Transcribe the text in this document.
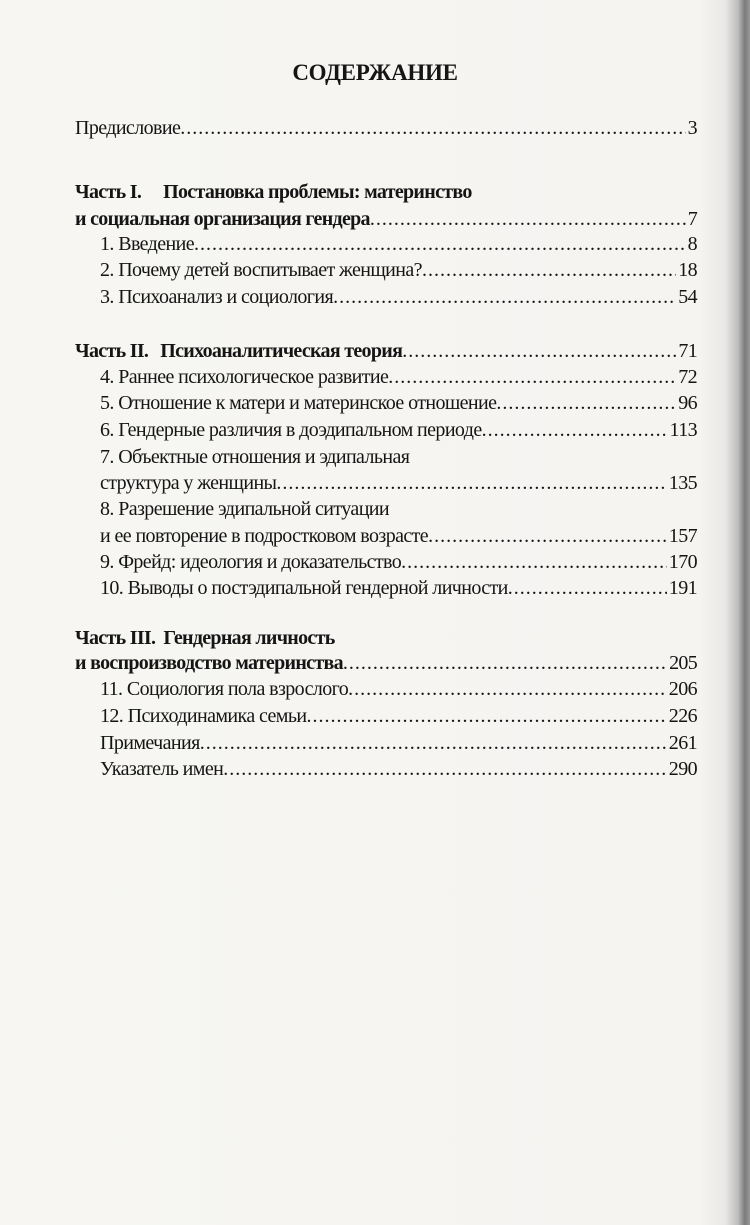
СОДЕРЖАНИЕ
Предисловие .....	3
Часть I. Постановка проблемы: материнство
и социальная организация гендера .....	7
1. Введение .....	8
2. Почему детей воспитывает женщина? .....	18
3. Психоанализ и социология .....	54
Часть II. Психоаналитическая теория .....	71
4. Раннее психологическое развитие .....	72
5. Отношение к матери и материнское отношение .....	96
6. Гендерные различия в доэдипальном периоде .....	113
7. Объектные отношения и эдипальная
структура у женщины .....	135
8. Разрешение эдипальной ситуации
и ее повторение в подростковом возрасте .....	157
9. Фрейд: идеология и доказательство .....	170
10. Выводы о постэдипальной гендерной личности .....	191
Часть III. Гендерная личность
и воспроизводство материнства .....	205
11. Социология пола взрослого .....	206
12. Психодинамика семьи .....	226
Примечания .....	261
Указатель имен .....	290
